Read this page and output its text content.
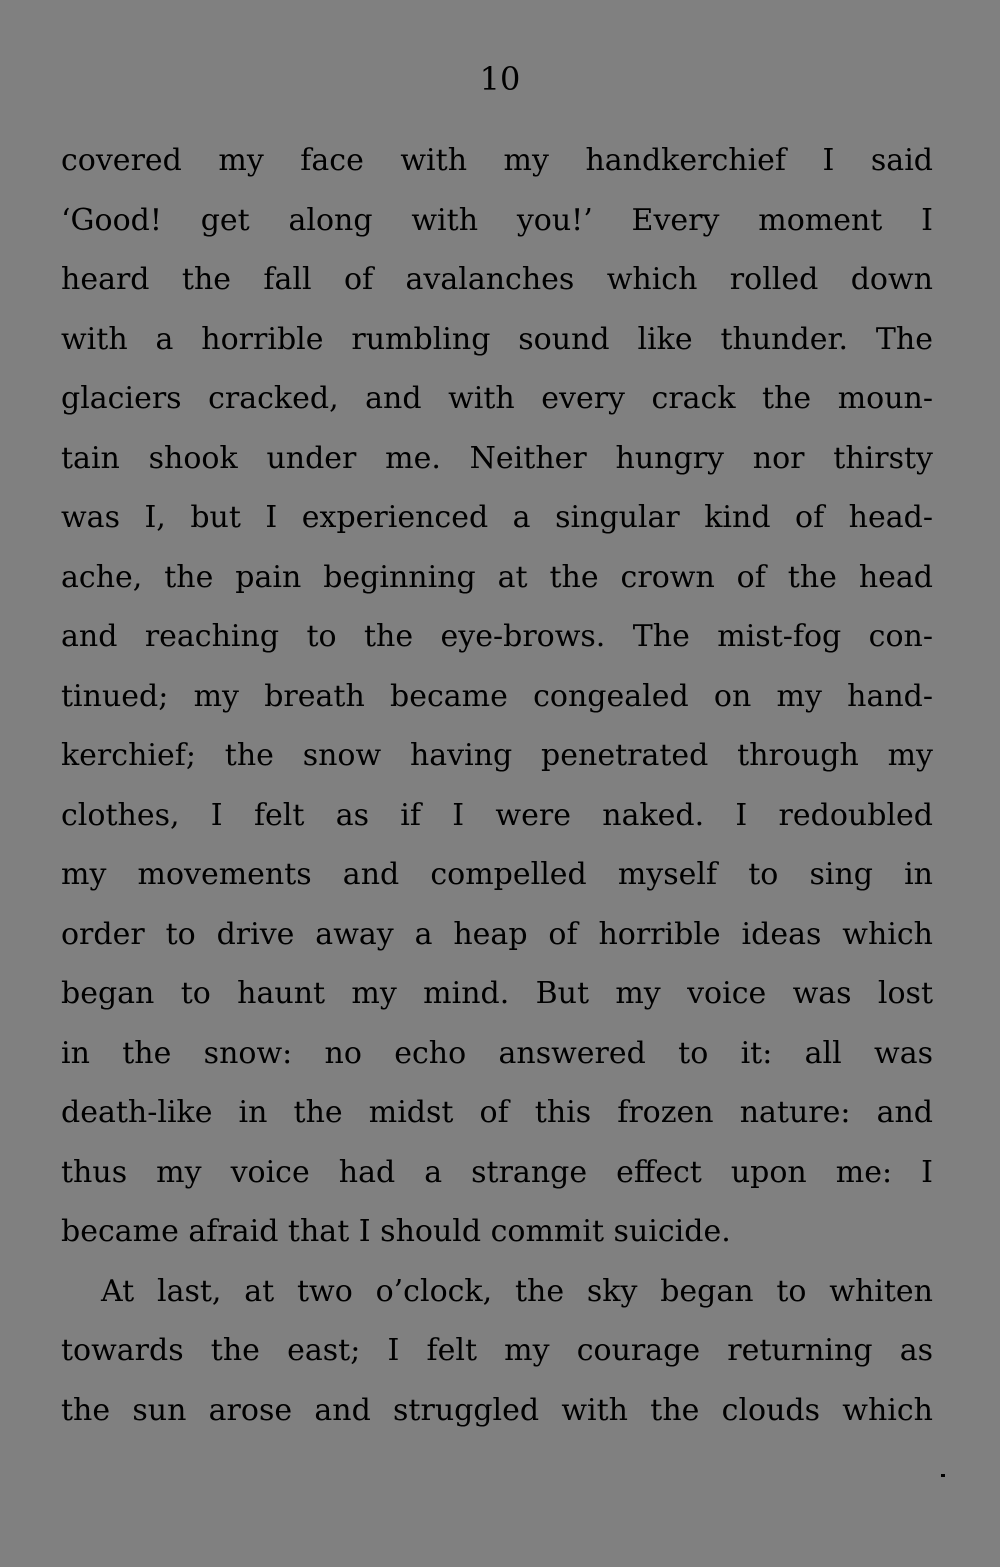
10
covered my face with my handkerchief I said
‘Good! get along with you!’ Every moment I
heard the fall of avalanches which rolled down
with a horrible rumbling sound like thunder. The
glaciers cracked, and with every crack the moun-
tain shook under me. Neither hungry nor thirsty
was I, but I experienced a singular kind of head-
ache, the pain beginning at the crown of the head
and reaching to the eye-brows. The mist-fog con-
tinued; my breath became congealed on my hand-
kerchief; the snow having penetrated through my
clothes, I felt as if I were naked. I redoubled
my movements and compelled myself to sing in
order to drive away a heap of horrible ideas which
began to haunt my mind. But my voice was lost
in the snow: no echo answered to it: all was
death-like in the midst of this frozen nature: and
thus my voice had a strange effect upon me: I
became afraid that I should commit suicide.
At last, at two o’clock, the sky began to whiten
towards the east; I felt my courage returning as
the sun arose and struggled with the clouds which
